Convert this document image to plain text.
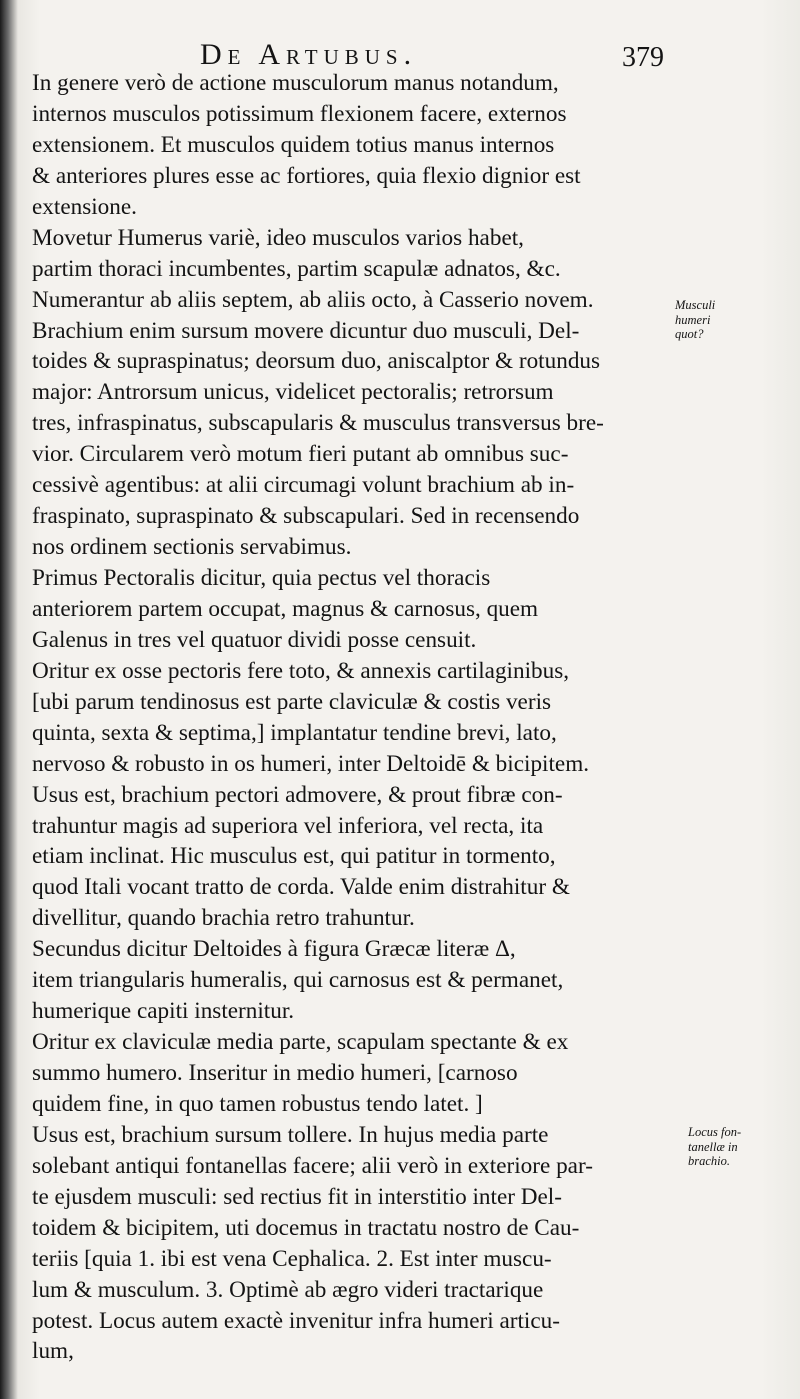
De Artubus.	379
In genere verò de actione musculorum manus notandum,
internos musculos potissimum flexionem facere, externos
extensionem. Et musculos quidem totius manus internos
& anteriores plures esse ac fortiores, quia flexio dignior est
extensione.
Movetur Humerus variè, ideo musculos varios habet,
partim thoraci incumbentes, partim scapulæ adnatos, &c.
Numerantur ab aliis septem, ab aliis octo, à Casserio novem.
Brachium enim sursum movere dicuntur duo musculi, Del-
toides & supraspinatus; deorsum duo, aniscalptor & rotundus
major: Antrorsum unicus, videlicet pectoralis; retrorsum
tres, infraspinatus, subscapularis & musculus transversus bre-
vior. Circularem verò motum fieri putant ab omnibus suc-
cessivè agentibus: at alii circumagi volunt brachium ab in-
fraspinato, supraspinato & subscapulari. Sed in recensendo
nos ordinem sectionis servabimus.
Primus Pectoralis dicitur, quia pectus vel thoracis
anteriorem partem occupat, magnus & carnosus, quem
Galenus in tres vel quatuor dividi posse censuit.
Oritur ex osse pectoris fere toto, & annexis cartilaginibus,
[ubi parum tendinosus est parte claviculæ & costis veris
quinta, sexta & septima,] implantatur tendine brevi, lato,
nervoso & robusto in os humeri, inter Deltoidē & bicipitem.
Usus est, brachium pectori admovere, & prout fibræ con-
trahuntur magis ad superiora vel inferiora, vel recta, ita
etiam inclinat. Hic musculus est, qui patitur in tormento,
quod Itali vocant tratto de corda. Valde enim distrahitur &
divellitur, quando brachia retro trahuntur.
Secundus dicitur Deltoides à figura Græcæ literæ Δ,
item triangularis humeralis, qui carnosus est & permanet,
humerique capiti insternitur.
Oritur ex claviculæ media parte, scapulam spectante & ex
summo humero. Inseritur in medio humeri, [carnoso
quidem fine, in quo tamen robustus tendo latet. ]
Usus est, brachium sursum tollere. In hujus media parte
solebant antiqui fontanellas facere; alii verò in exteriore par-
te ejusdem musculi: sed rectius fit in interstitio inter Del-
toidem & bicipitem, uti docemus in tractatu nostro de Cau-
teriis [quia 1. ibi est vena Cephalica. 2. Est inter muscu-
lum & musculum. 3. Optimè ab ægro videri tractarique
potest. Locus autem exactè invenitur infra humeri articu-
lum,
Musculi
humeri
quot?
Locus fon-
tanellæ in
brachio.
